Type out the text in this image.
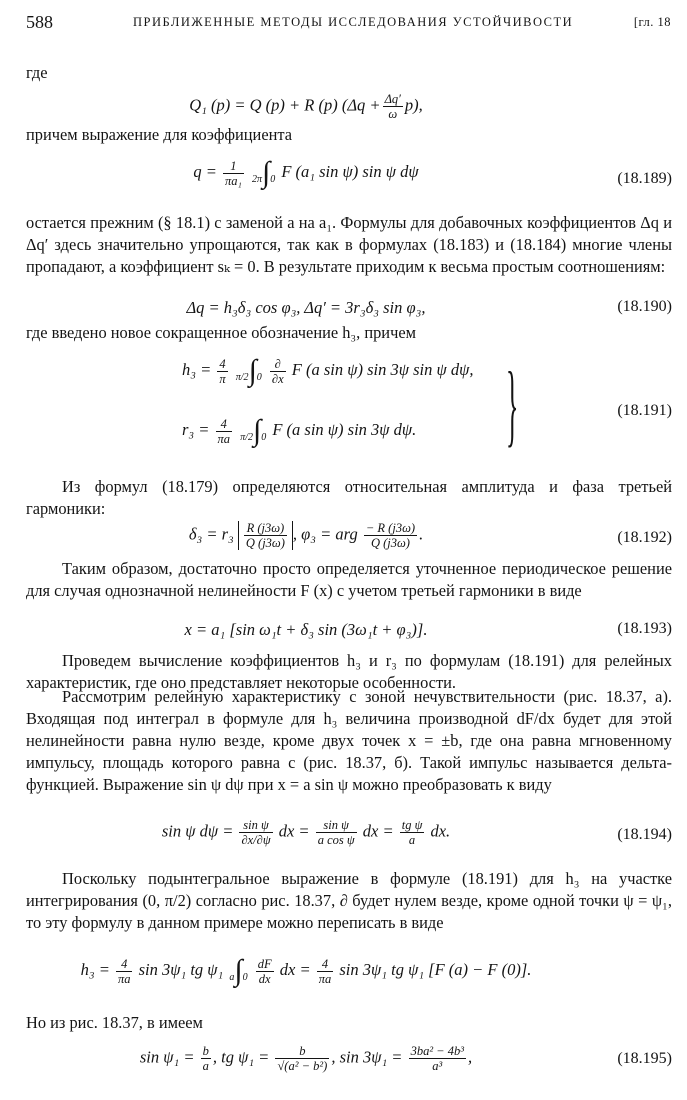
588	ПРИБЛИЖЕННЫЕ МЕТОДЫ ИССЛЕДОВАНИЯ УСТОЙЧИВОСТИ	[гл. 18
где
Q₁ (p) = Q (p) + R (p) $(\Delta q + \frac{\Delta q'}{\omega} p)$,
причем выражение для коэффициента
$q = \frac{1}{\text{πa₁}} 2\pi\int 0$ F (a₁ sin ψ) sin ψ dψ	(18.189)
остается прежним (§ 18.1) с заменой a на a₁. Формулы для добавочных коэффициентов Δq и Δq′ здесь значительно упрощаются, так как в формулах (18.183) и (18.184) многие члены пропадают, а коэффициент sₖ = 0. В результате приходим к весьма простым соотношениям:
Δq = h₃δ₃ cos φ₃, Δq′ = 3r₃δ₃ sin φ₃,	(18.190)
где введено новое сокращенное обозначение h₃, причем
$h_3 = \frac{4}{\pi} \pi/2\int 0 \frac{\partial}{\partial x}$ F (a sin ψ) sin 3ψ sin ψ dψ,
$r_3 = \frac{4}{\pi a} \pi/2\int 0$ F (a sin ψ) sin 3ψ dψ. }	(18.191)
Из формул (18.179) определяются относительная амплитуда и фаза третьей гармоники:
$\delta_3 = r_3 \frac{R (j3\omega)}{Q (j3\omega)}$ , φ₃ = arg $\frac{- R (j3\omega)}{Q (j3\omega)}$ .	(18.192)
Таким образом, достаточно просто определяется уточненное периодическое решение для случая однозначной нелинейности F (x) с учетом третьей гармоники в виде
x = a₁ [sin ω₁t + δ₃ sin (3ω₁t + φ₃)].	(18.193)
Проведем вычисление коэффициентов h₃ и r₃ по формулам (18.191) для релейных характеристик, где оно представляет некоторые особенности.
Рассмотрим релейную характеристику с зоной нечувствительности (рис. 18.37, а). Входящая под интеграл в формуле для h₃ величина производной dF/dx будет для этой нелинейности равна нулю везде, кроме двух точек x = ±b, где она равна мгновенному импульсу, площадь которого равна c (рис. 18.37, б). Такой импульс называется дельта-функцией. Выражение sin ψ dψ при x = a sin ψ можно преобразовать к виду
sin ψ $d\psi = \frac{\text{sin ψ}}{\partial x/\partial\psi}$ dx = $\frac{\text{sin ψ}}{\text{a cos ψ}}$ dx = $\frac{\text{tg ψ}}{a}$ dx.	(18.194)
Поскольку подынтегральное выражение в формуле (18.191) для h₃ на участке интегрирования (0, π/2) согласно рис. 18.37, ∂ будет нулем везде, кроме одной точки ψ = ψ₁, то эту формулу в данном примере можно переписать в виде
$h_3 = \frac{4}{\pi a}$ sin 3ψ₁ tg ψ₁ $a\int 0 \frac{dF}{dx}$ dx = $\frac{4}{\pi a}$ sin 3ψ₁ tg ψ₁ [F (a) − F (0)].
Но из рис. 18.37, в имеем
$\sin \psi_1 = \frac{b}{a}$ , tg $\psi_1 = \frac{b}{\text{√(a² − b²)}}$ , $\sin 3\psi_1 = \frac{\text{3ba² − 4b³}}{\text{a³}}$ ,	(18.195)
